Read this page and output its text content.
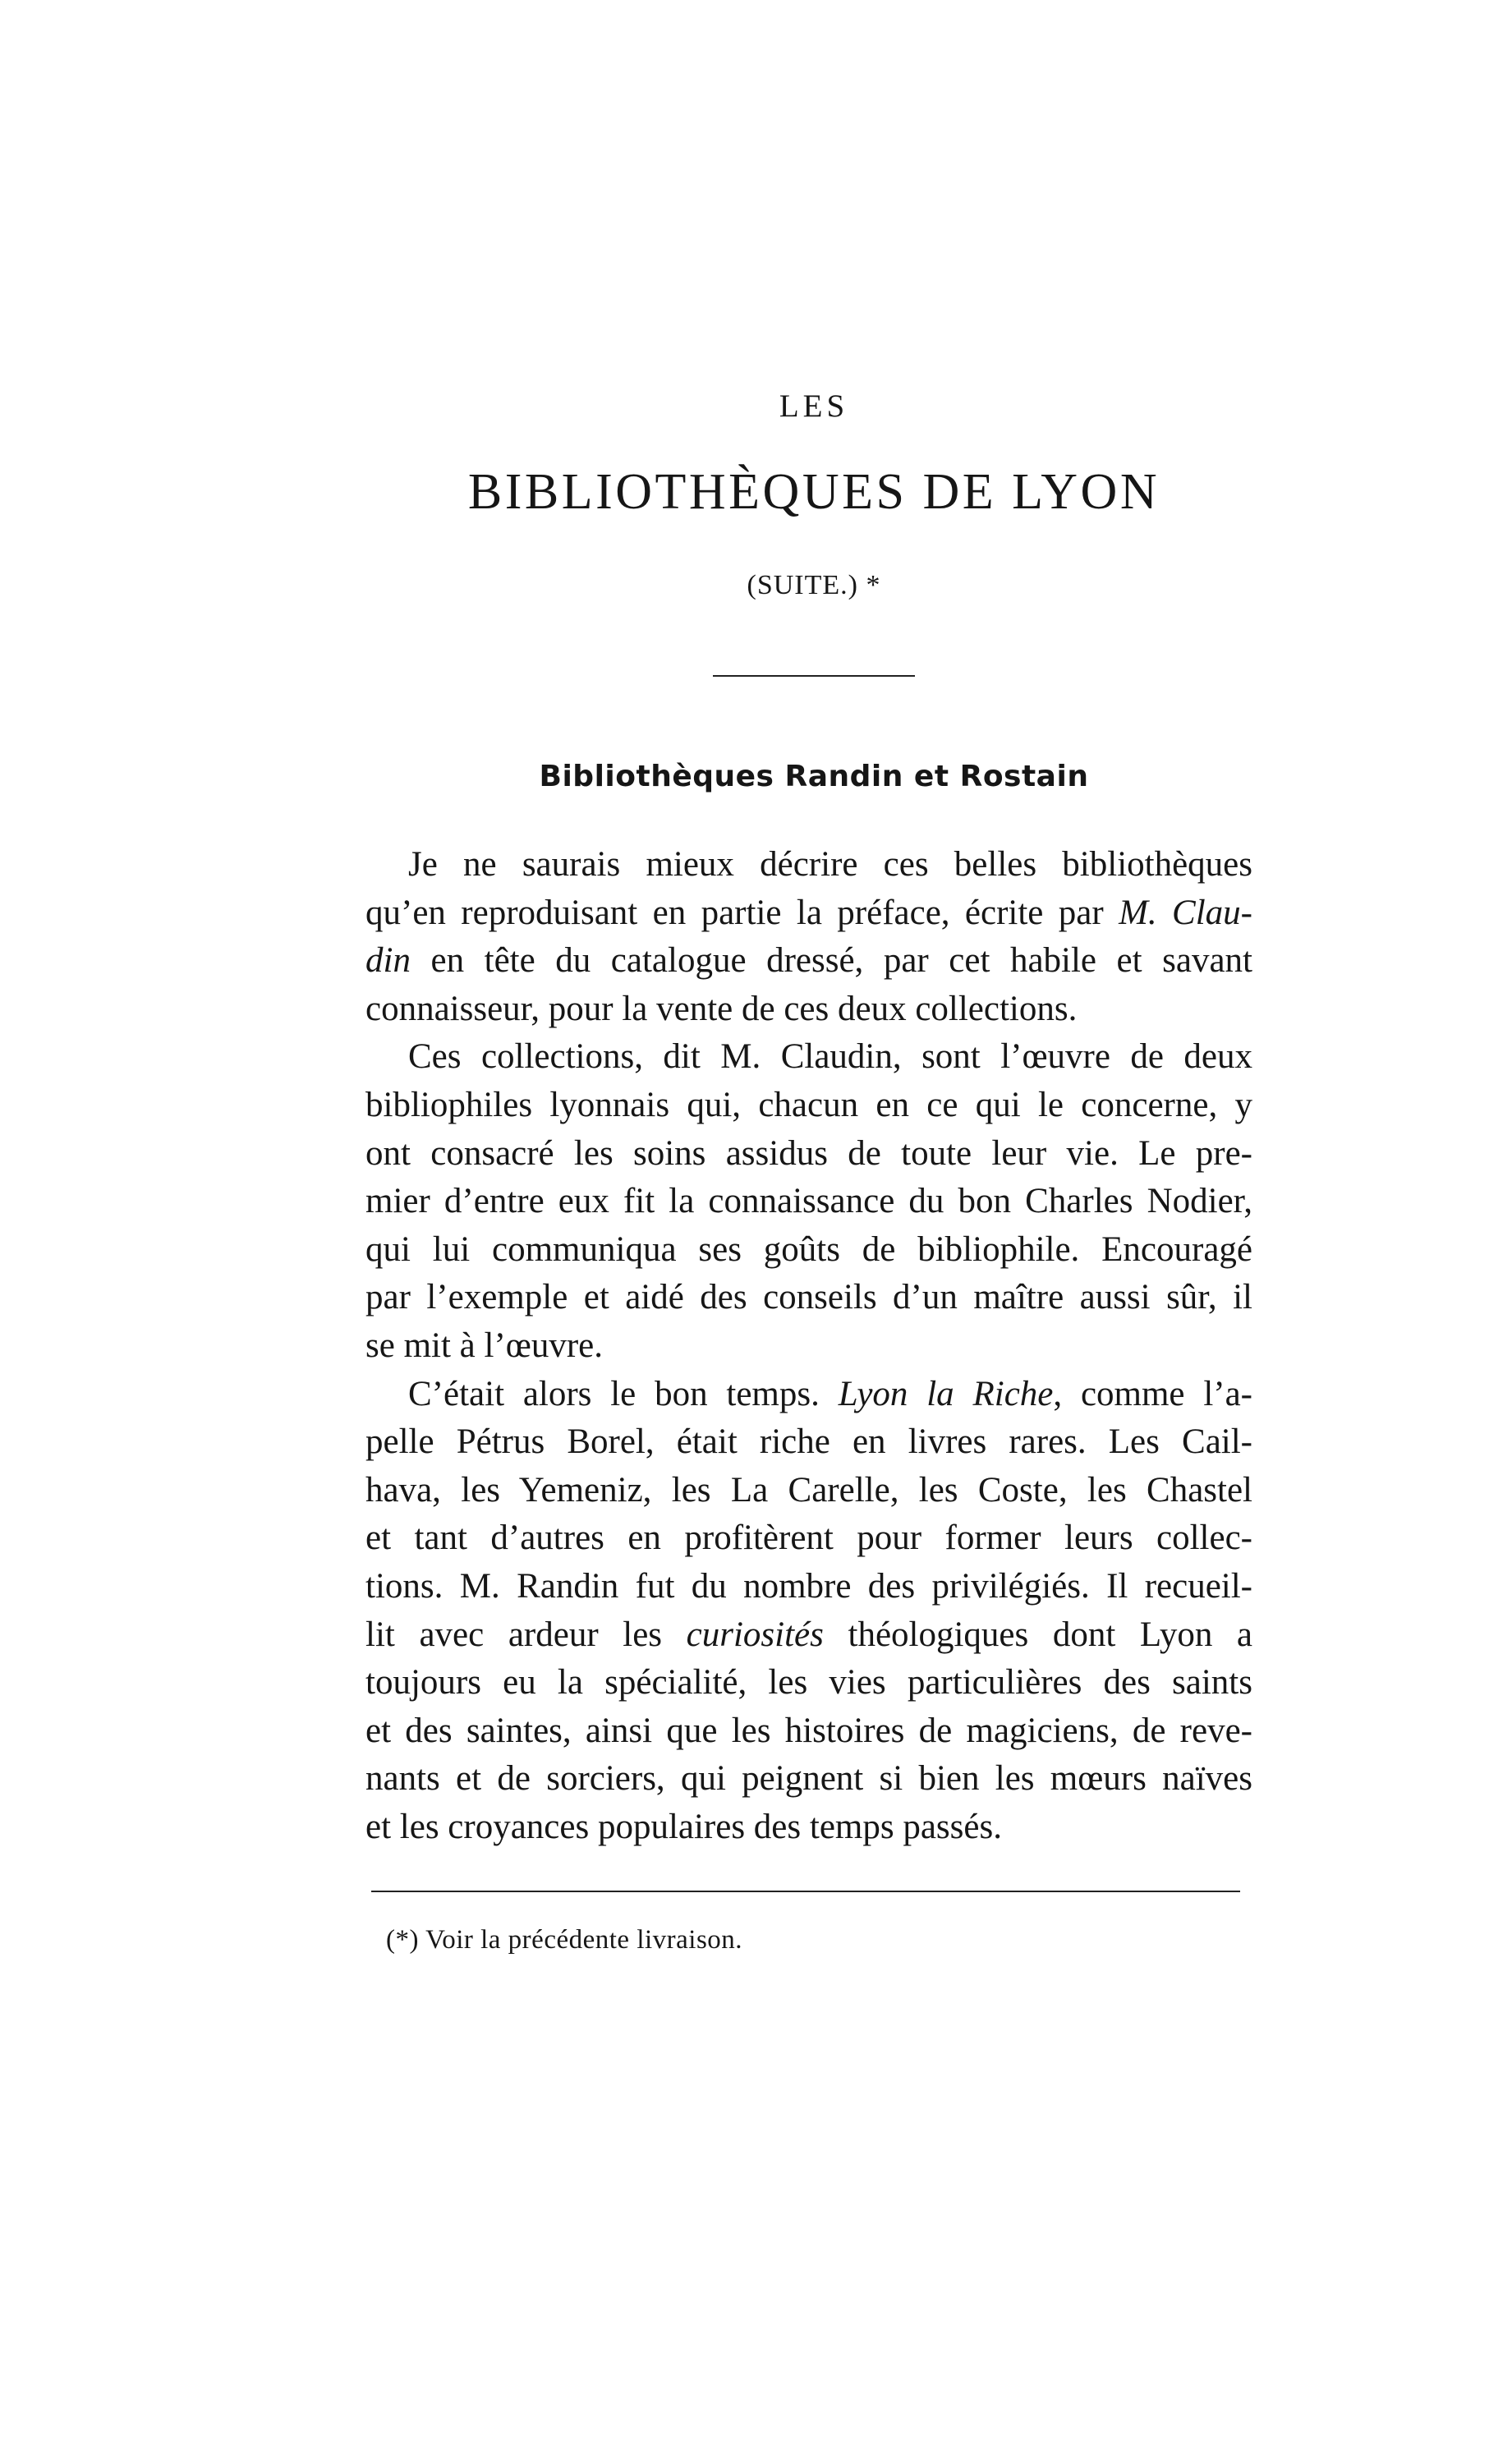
LES
BIBLIOTHÈQUES DE LYON
(SUITE.) *
Bibliothèques Randin et Rostain
Je ne saurais mieux décrire ces belles bibliothèques
qu’en reproduisant en partie la préface, écrite par M. Clau-
din en tête du catalogue dressé, par cet habile et savant
connaisseur, pour la vente de ces deux collections.
Ces collections, dit M. Claudin, sont l’œuvre de deux
bibliophiles lyonnais qui, chacun en ce qui le concerne, y
ont consacré les soins assidus de toute leur vie. Le pre-
mier d’entre eux fit la connaissance du bon Charles Nodier,
qui lui communiqua ses goûts de bibliophile. Encouragé
par l’exemple et aidé des conseils d’un maître aussi sûr, il
se mit à l’œuvre.
C’était alors le bon temps. Lyon la Riche, comme l’a-
pelle Pétrus Borel, était riche en livres rares. Les Cail-
hava, les Yemeniz, les La Carelle, les Coste, les Chastel
et tant d’autres en profitèrent pour former leurs collec-
tions. M. Randin fut du nombre des privilégiés. Il recueil-
lit avec ardeur les curiosités théologiques dont Lyon a
toujours eu la spécialité, les vies particulières des saints
et des saintes, ainsi que les histoires de magiciens, de reve-
nants et de sorciers, qui peignent si bien les mœurs naïves
et les croyances populaires des temps passés.
(*) Voir la précédente livraison.
